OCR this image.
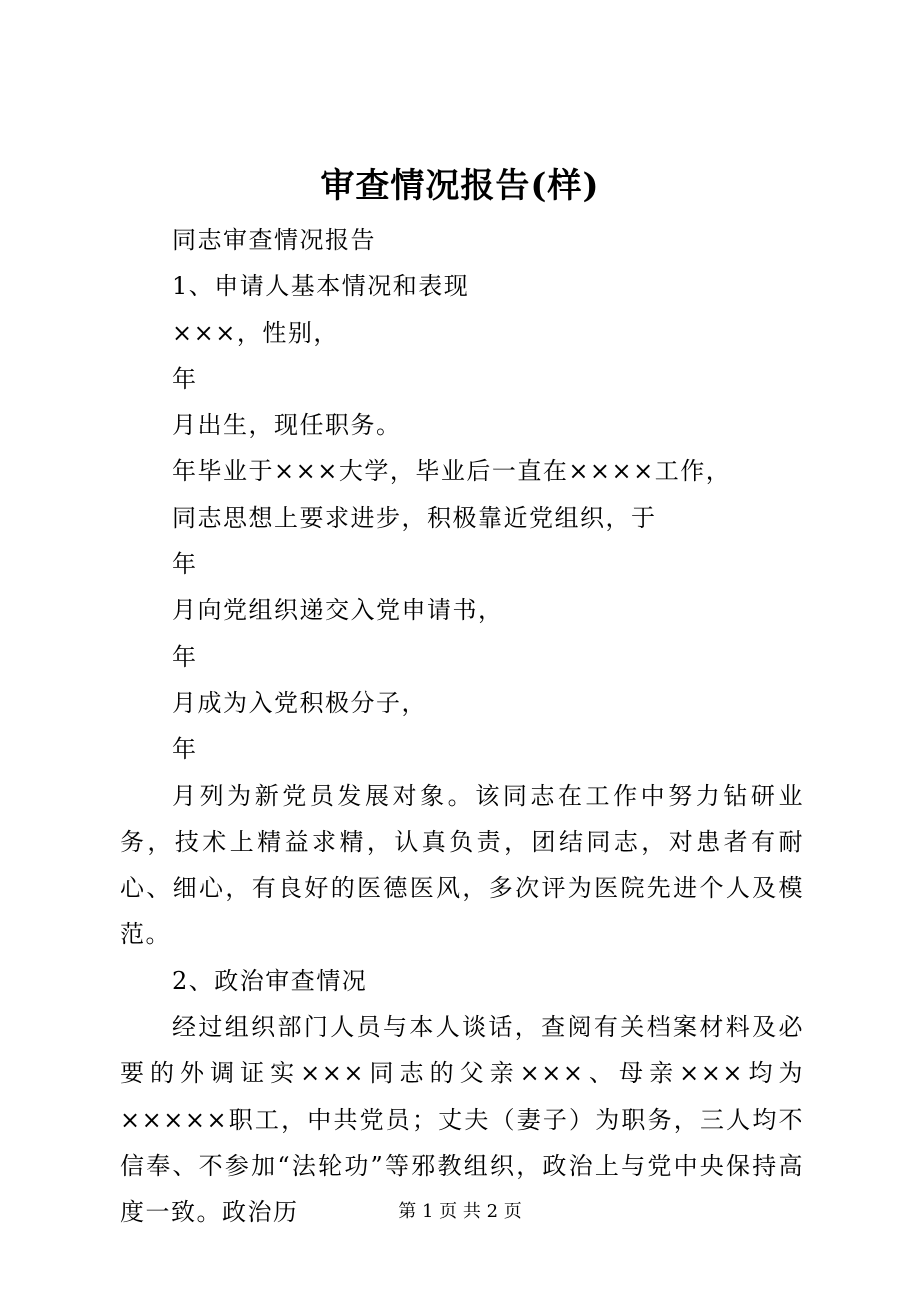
审查情况报告(样)

同志审查情况报告

1、申请人基本情况和表现

×××，性别，

年

月出生，现任职务。

年毕业于×××大学，毕业后一直在××××工作，

同志思想上要求进步，积极靠近党组织，于

年

月向党组织递交入党申请书，

年

月成为入党积极分子，

年

月列为新党员发展对象。该同志在工作中努力钻研业务，技术上精益求精，认真负责，团结同志，对患者有耐心、细心，有良好的医德医风，多次评为医院先进个人及模范。

2、政治审查情况

经过组织部门人员与本人谈话，查阅有关档案材料及必要的外调证实×××同志的父亲×××、母亲×××均为×××××职工，中共党员；丈夫（妻子）为职务，三人均不信奉、不参加“法轮功”等邪教组织，政治上与党中央保持高度一致。政治历	第 1 页 共 2 页
